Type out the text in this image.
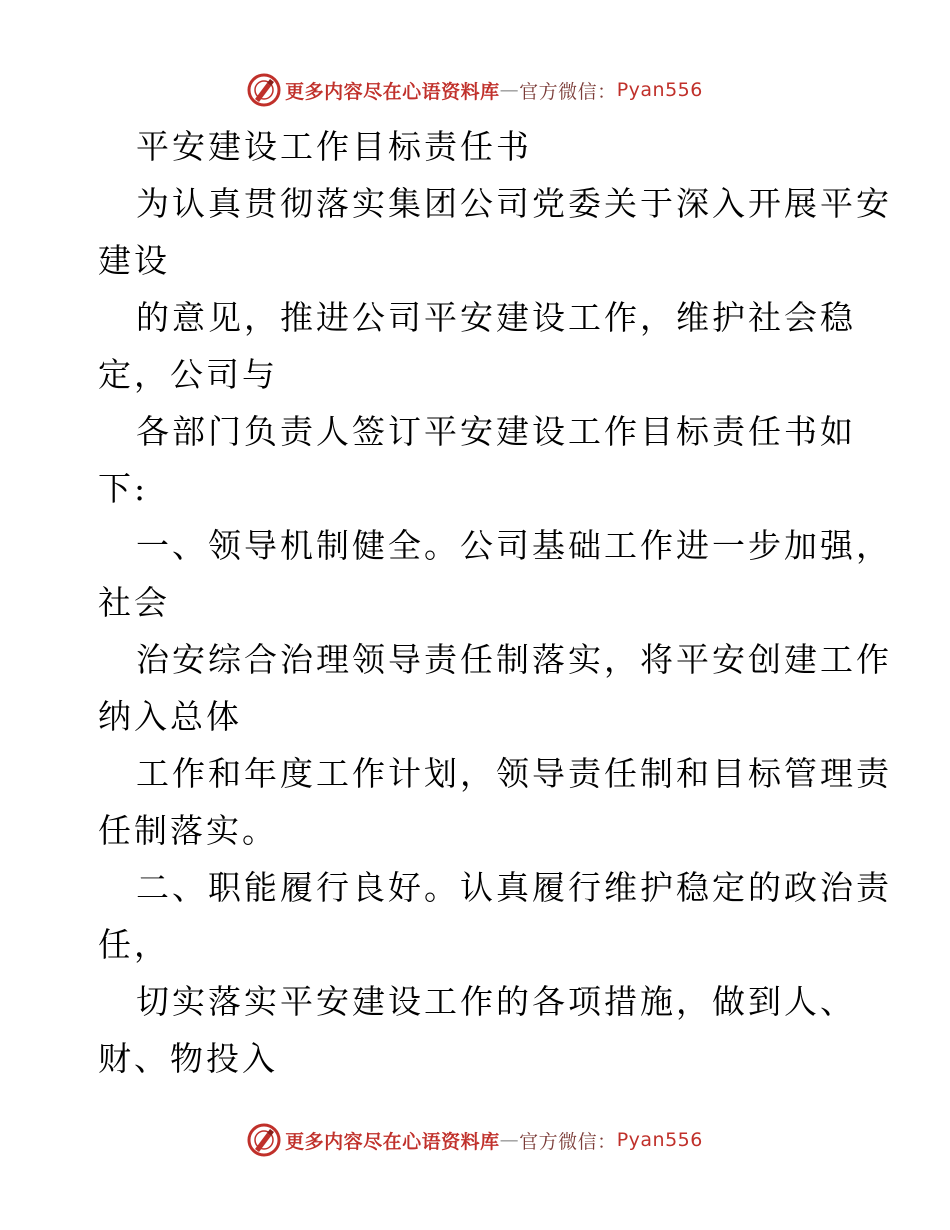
更多内容尽在心语资料库 — 官方微信： Pyan556
平安建设工作目标责任书
为认真贯彻落实集团公司党委关于深入开展平安
建设
的意见，推进公司平安建设工作，维护社会稳
定，公司与
各部门负责人签订平安建设工作目标责任书如
下:
一、领导机制健全。公司基础工作进一步加强，
社会
治安综合治理领导责任制落实，将平安创建工作
纳入总体
工作和年度工作计划，领导责任制和目标管理责
任制落实。
二、职能履行良好。认真履行维护稳定的政治责
任，
切实落实平安建设工作的各项措施，做到人、
财、物投入
更多内容尽在心语资料库 — 官方微信： Pyan556
